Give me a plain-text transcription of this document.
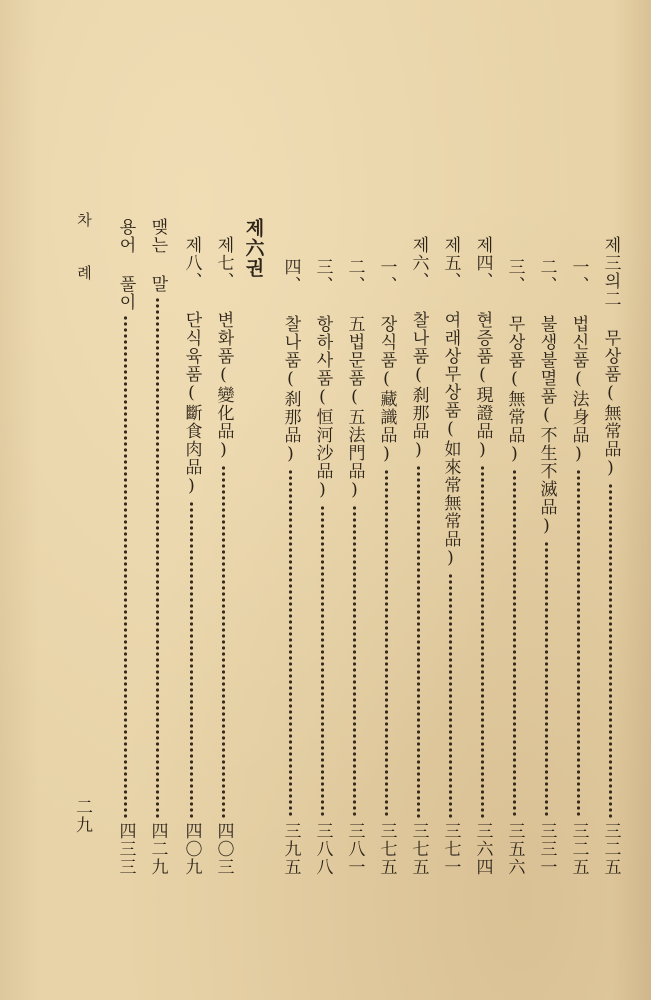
차 례	제三의二 무상품(無常品)
三二五
一、 법신품(法身品)
三二五
二、 불생불멸품(不生不滅品)
三三一
三、 무상품(無常品)
三五六
제四、 현증품(現證品)
三六四
제五、 여래상무상품(如來常無常品)
三七一
제六、 찰나품(刹那品)
三七五
一、 장식품(藏識品)
三七五
二、 五법문품(五法門品)
三八一
三、 항하사품(恒河沙品)
三八八
四、 찰나품(刹那品)
三九五
제六권
제七、 변화품(變化品)
四〇三
제八、 단식육품(斷食肉品)
四〇九
맺는 말
四二九
용어 풀이
四三三
二九
